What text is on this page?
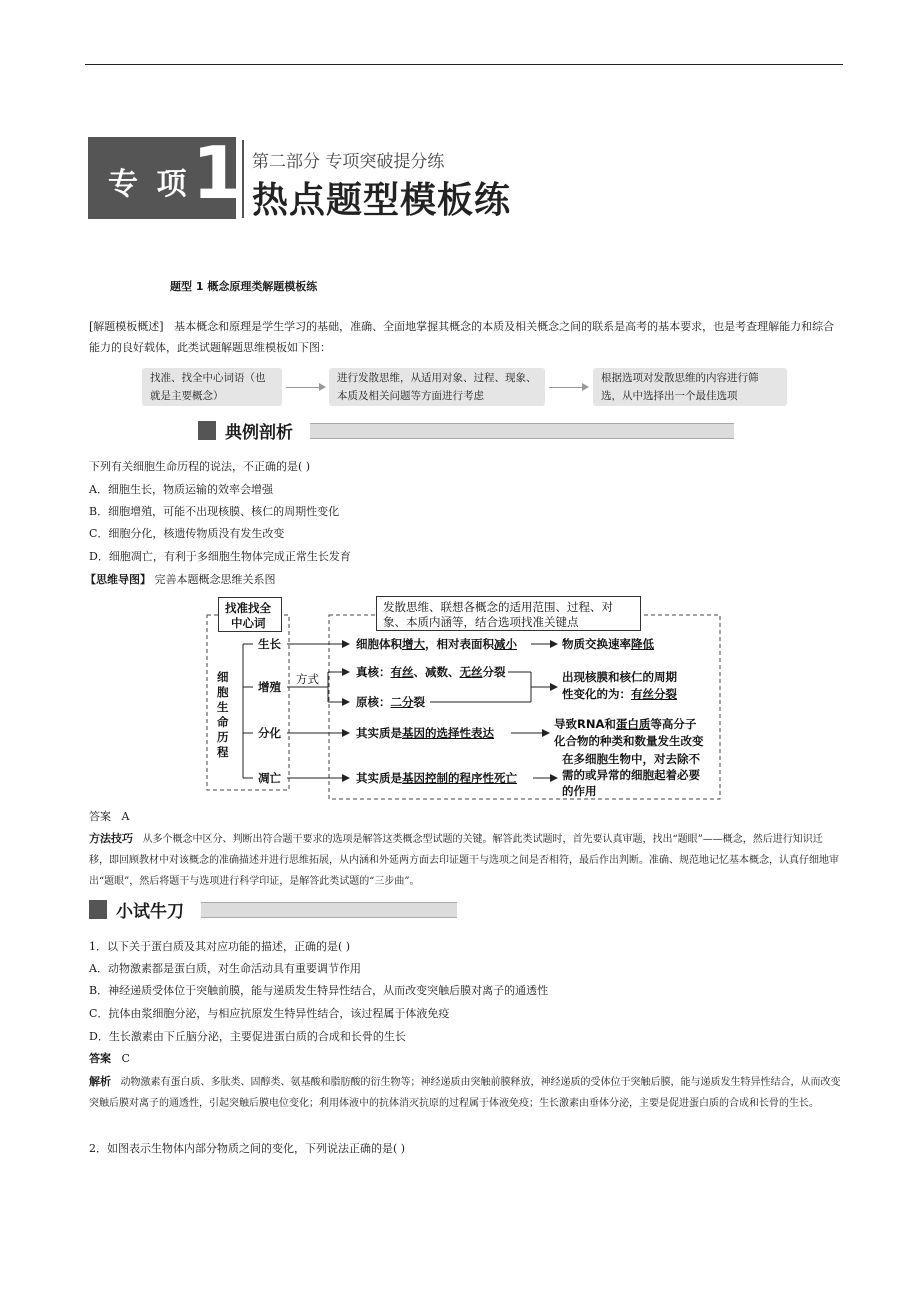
专 项 1 第二部分 专项突破提分练
热点题型模板练
题型 1 概念原理类解题模板练
[解题模板概述] 基本概念和原理是学生学习的基础，准确、全面地掌握其概念的本质及相关概念之间的联系是高考的基本要求，也是考查理解能力和综合能力的良好载体，此类试题解题思维模板如下图：
找准、找全中心词语（也
就是主要概念）
进行发散思维，从适用对象、过程、现象、
本质及相关问题等方面进行考虑
根据选项对发散思维的内容进行筛
选，从中选择出一个最佳选项
典例剖析
下列有关细胞生命历程的说法，不正确的是( )
A．细胞生长，物质运输的效率会增强
B．细胞增殖，可能不出现核膜、核仁的周期性变化
C．细胞分化，核遗传物质没有发生改变
D．细胞凋亡，有利于多细胞生物体完成正常生长发育
【思维导图】 完善本题概念思维关系图
找准找全
中心词
发散思维、联想各概念的适用范围、过程、对
象、本质内涵等，结合选项找准关键点
细
胞
生
命
历
程
生长
增殖
分化
凋亡
方式
细胞体积增大，相对表面积减小	物质交换速率降低
真核：有丝、减数、无丝分裂
原核：二分裂
出现核膜和核仁的周期
性变化的为：有丝分裂
其实质是基因的选择性表达
导致RNA和蛋白质等高分子
化合物的种类和数量发生改变
其实质是基因控制的程序性死亡
在多细胞生物中，对去除不
需的或异常的细胞起着必要
的作用
答案 A
方法技巧 从多个概念中区分、判断出符合题干要求的选项是解答这类概念型试题的关键。解答此类试题时，首先要认真审题，找出“题眼”——概念，然后进行知识迁移，即回顾教材中对该概念的准确描述并进行思维拓展，从内涵和外延两方面去印证题干与选项之间是否相符，最后作出判断。准确、规范地记忆基本概念，认真仔细地审出“题眼”，然后将题干与选项进行科学印证，是解答此类试题的“三步曲”。
小试牛刀
1．以下关于蛋白质及其对应功能的描述，正确的是( )
A．动物激素都是蛋白质，对生命活动具有重要调节作用
B．神经递质受体位于突触前膜，能与递质发生特异性结合，从而改变突触后膜对离子的通透性
C．抗体由浆细胞分泌，与相应抗原发生特异性结合，该过程属于体液免疫
D．生长激素由下丘脑分泌，主要促进蛋白质的合成和长骨的生长
答案 C
解析 动物激素有蛋白质、多肽类、固醇类、氨基酸和脂肪酸的衍生物等；神经递质由突触前膜释放，神经递质的受体位于突触后膜，能与递质发生特异性结合，从而改变突触后膜对离子的通透性，引起突触后膜电位变化；利用体液中的抗体消灭抗原的过程属于体液免疫；生长激素由垂体分泌，主要是促进蛋白质的合成和长骨的生长。
2．如图表示生物体内部分物质之间的变化，下列说法正确的是( )
